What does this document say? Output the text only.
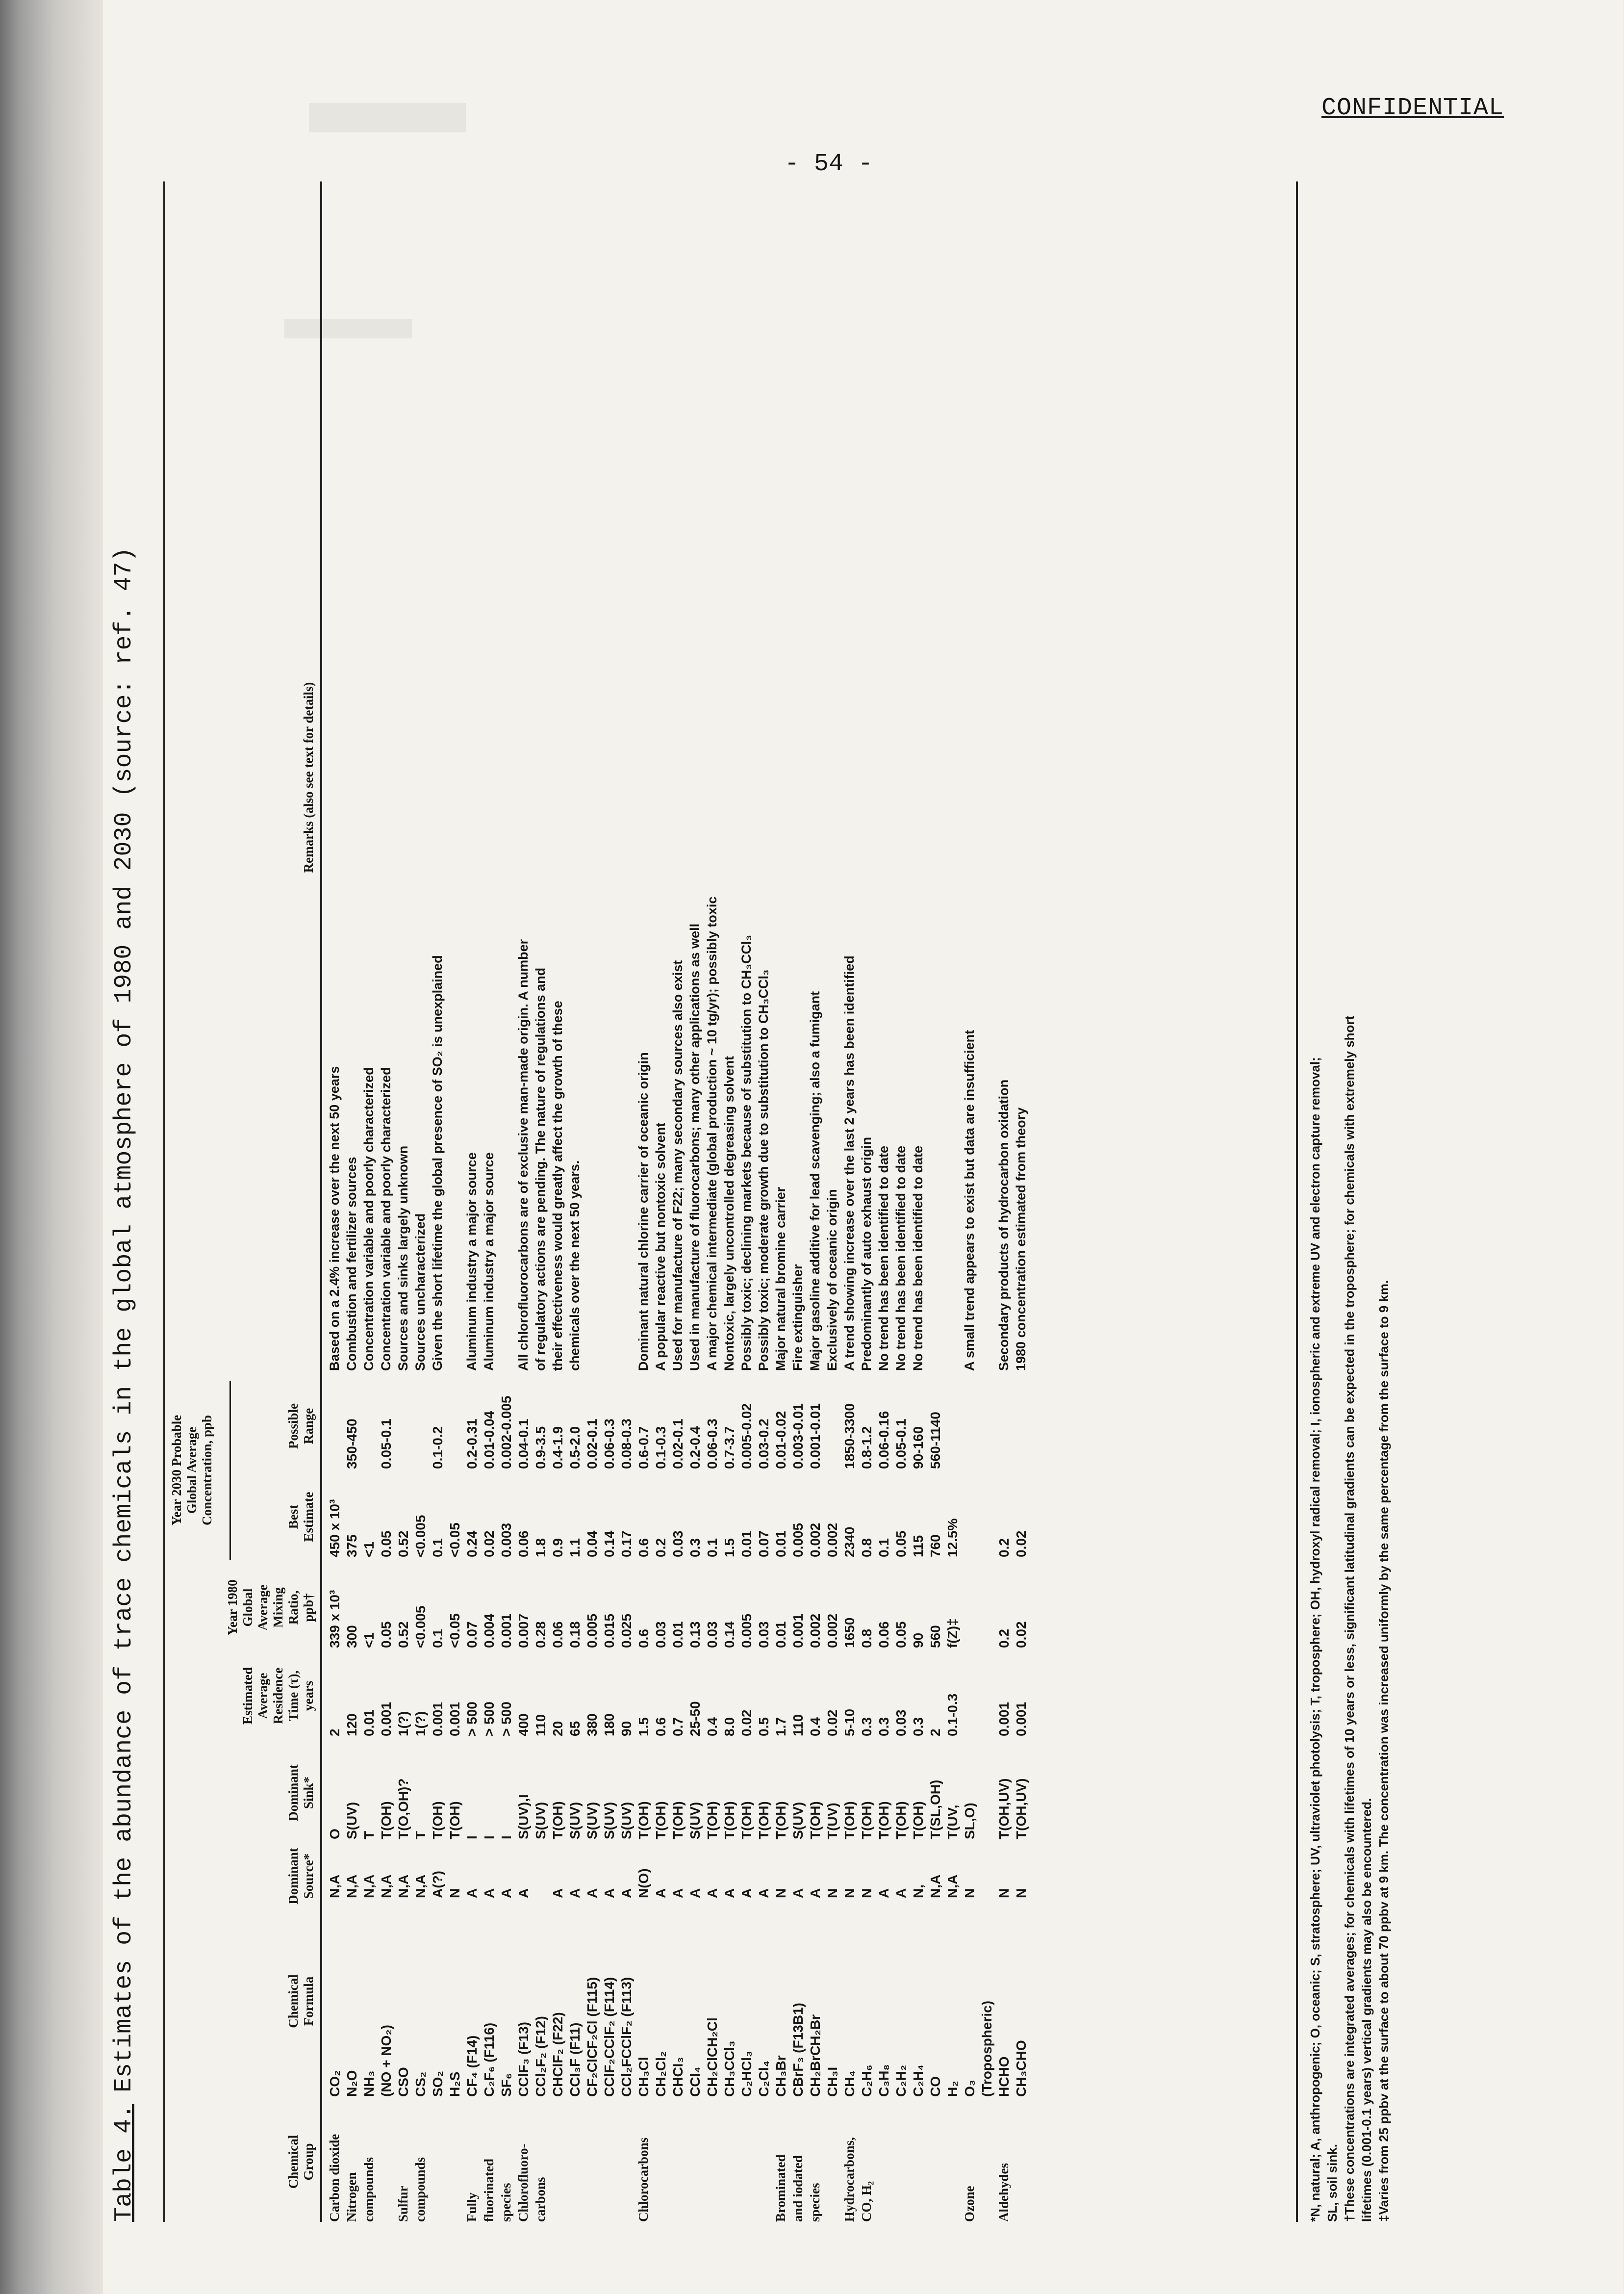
CONFIDENTIAL
- 54 -
Table 4.Estimates of the abundance of trace chemicals in the global atmosphere of 1980 and 2030 (source: ref. 47)
Chemical Group
Chemical Formula
Dominant Source*
Dominant Sink*
Estimated Average Residence Time (τ), years
Year 1980 Global Average Mixing Ratio, ppb†
Year 2030 Probable Global Average Concentration, ppb	Best Estimate
Possible Range
Remarks (also see text for details)
Carbon dioxide
CO₂
N,A
O
2
339 x 10³
450 x 10³
Based on a 2.4% increase over the next 50 years
Nitrogen
N₂O
N,A
S(UV)
120
300
375
350-450
Combustion and fertilizer sources
compounds
NH₃
N,A
T
0.01
<1
<1
Concentration variable and poorly characterized
(NO + NO₂)
N,A
T(OH)
0.001
0.05
0.05
0.05-0.1
Concentration variable and poorly characterized
Sulfur
CSO
N,A
T(O,OH)?
1(?)
0.52
0.52
Sources and sinks largely unknown
compounds
CS₂
N,A
T
1(?)
<0.005
<0.005
Sources uncharacterized
SO₂
A(?)
T(OH)
0.001
0.1
0.1
0.1-0.2
Given the short lifetime the global presence of SO₂ is unexplained
H₂S
N
T(OH)
0.001
<0.05
<0.05
Fully
CF₄ (F14)
A
I
> 500
0.07
0.24
0.2-0.31
Aluminum industry a major source
fluorinated
C₂F₆ (F116)
A
I
> 500
0.004
0.02
0.01-0.04
Aluminum industry a major source
species
SF₆
A
I
> 500
0.001
0.003
0.002-0.005
Chlorofluoro-
CClF₃ (F13)
A
S(UV),I
400
0.007
0.06
0.04-0.1
All chlorofluorocarbons are of exclusive man-made origin. A number
carbons
CCl₂F₂ (F12)
S(UV)
110
0.28
1.8
0.9-3.5
of regulatory actions are pending. The nature of regulations and
CHClF₂ (F22)
A
T(OH)
20
0.06
0.9
0.4-1.9
their effectiveness would greatly affect the growth of these
CCl₃F (F11)
A
S(UV)
65
0.18
1.1
0.5-2.0
chemicals over the next 50 years.
CF₂ClCF₂Cl (F115)
A
S(UV)
380
0.005
0.04
0.02-0.1
CClF₂CClF₂ (F114)
A
S(UV)
180
0.015
0.14
0.06-0.3
CCl₂FCClF₂ (F113)
A
S(UV)
90
0.025
0.17
0.08-0.3
Chlorocarbons
CH₃Cl
N(O)
T(OH)
1.5
0.6
0.6
0.6-0.7
Dominant natural chlorine carrier of oceanic origin
CH₂Cl₂
A
T(OH)
0.6
0.03
0.2
0.1-0.3
A popular reactive but nontoxic solvent
CHCl₃
A
T(OH)
0.7
0.01
0.03
0.02-0.1
Used for manufacture of F22; many secondary sources also exist
CCl₄
A
S(UV)
25-50
0.13
0.3
0.2-0.4
Used in manufacture of fluorocarbons; many other applications as well
CH₂ClCH₂Cl
A
T(OH)
0.4
0.03
0.1
0.06-0.3
A major chemical intermediate (global production ~ 10 tg/yr); possibly toxic
CH₃CCl₃
A
T(OH)
8.0
0.14
1.5
0.7-3.7
Nontoxic, largely uncontrolled degreasing solvent
C₂HCl₃
A
T(OH)
0.02
0.005
0.01
0.005-0.02
Possibly toxic; declining markets because of substitution to CH₃CCl₃
C₂Cl₄
A
T(OH)
0.5
0.03
0.07
0.03-0.2
Possibly toxic; moderate growth due to substitution to CH₃CCl₃
Brominated
CH₃Br
N
T(OH)
1.7
0.01
0.01
0.01-0.02
Major natural bromine carrier
and iodated
CBrF₃ (F13B1)
A
S(UV)
110
0.001
0.005
0.003-0.01
Fire extinguisher
species
CH₂BrCH₂Br
A
T(OH)
0.4
0.002
0.002
0.001-0.01
Major gasoline additive for lead scavenging; also a fumigant
CH₃I
N
T(UV)
0.02
0.002
0.002
Exclusively of oceanic origin
Hydrocarbons,
CH₄
N
T(OH)
5-10
1650
2340
1850-3300
A trend showing increase over the last 2 years has been identified
CO, H₂
C₂H₆
N
T(OH)
0.3
0.8
0.8
0.8-1.2
Predominantly of auto exhaust origin
C₃H₈
A
T(OH)
0.3
0.06
0.1
0.06-0.16
No trend has been identified to date
C₂H₂
A
T(OH)
0.03
0.05
0.05
0.05-0.1
No trend has been identified to date
C₂H₄
N,
T(OH)
0.3
90
115
90-160
No trend has been identified to date
CO
N,A
T(SL,OH)
2
560
760
560-1140
H₂
N,A
T(UV,
0.1-0.3
f(Z)‡
12.5%
Ozone
O₃
N
SL,O)
A small trend appears to exist but data are insufficient
(Tropospheric)
Aldehydes
HCHO
N
T(OH,UV)
0.001
0.2
0.2
Secondary products of hydrocarbon oxidation
CH₃CHO
N
T(OH,UV)
0.001
0.02
0.02
1980 concentration estimated from theory	*N, natural; A, anthropogenic; O, oceanic; S, stratosphere; UV, ultraviolet photolysis; T, troposphere; OH, hydroxyl radical removal; I, ionospheric and extreme UV and electron capture removal; SL, soil sink. †These concentrations are integrated averages; for chemicals with lifetimes of 10 years or less, significant latitudinal gradients can be expected in the troposphere; for chemicals with extremely short lifetimes (0.001-0.1 years) vertical gradients may also be encountered. ‡Varies from 25 ppbv at the surface to about 70 ppbv at 9 km. The concentration was increased uniformly by the same percentage from the surface to 9 km.
